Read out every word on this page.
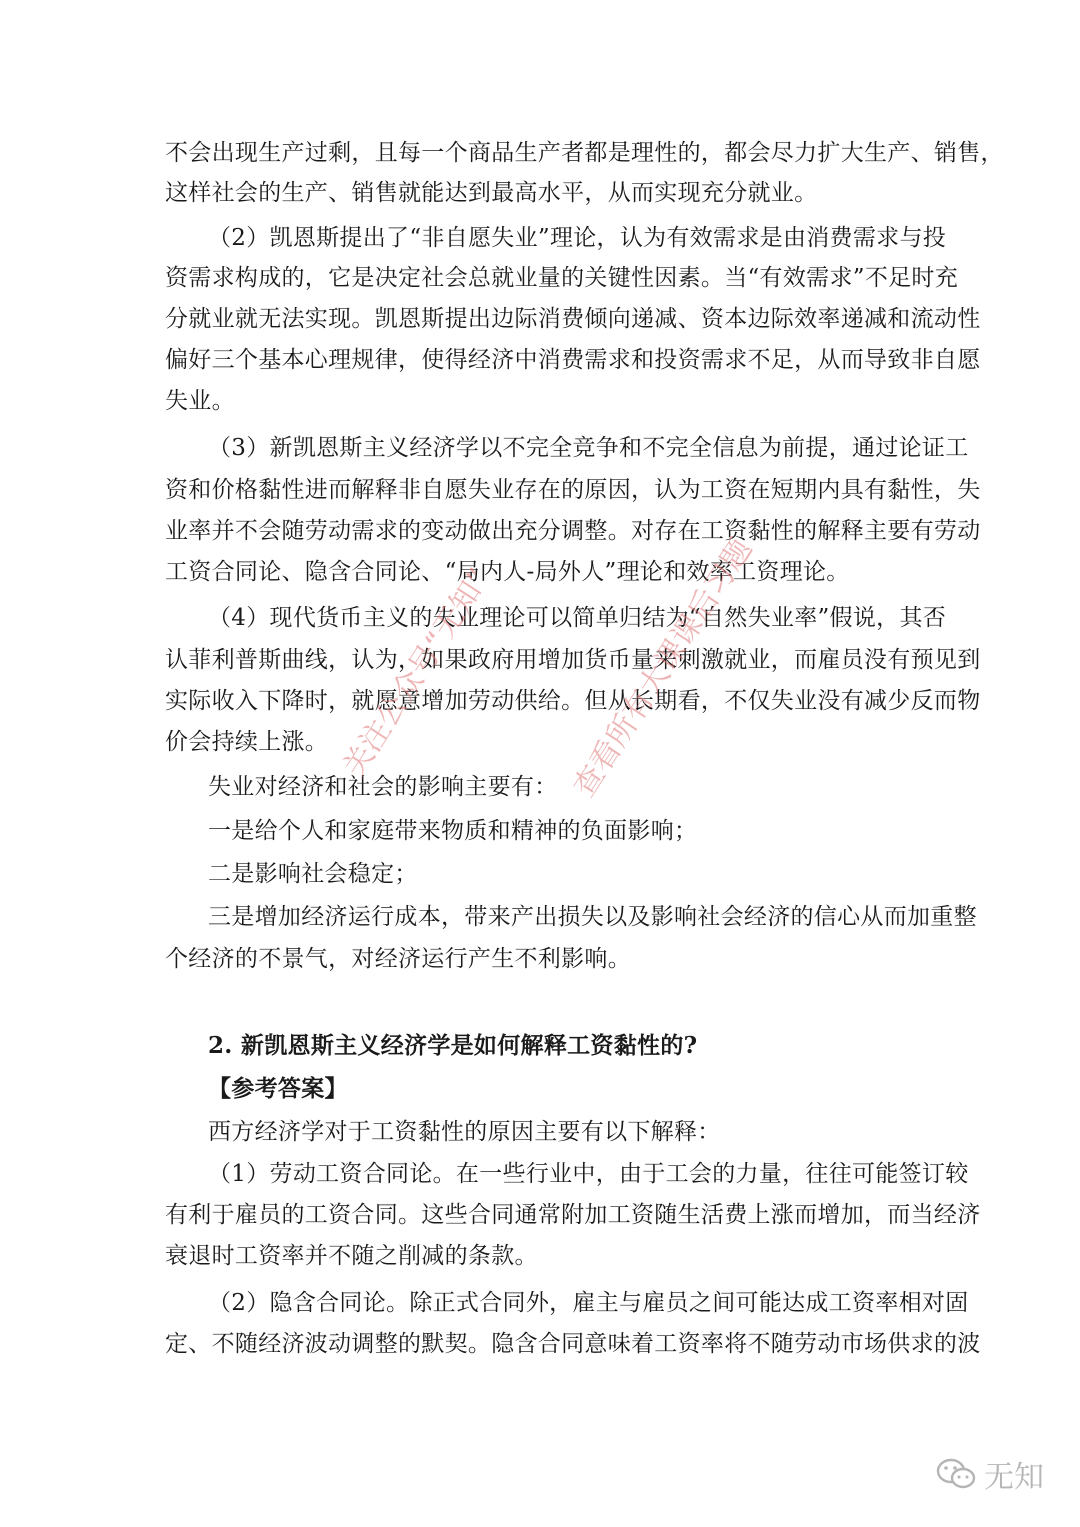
不会出现生产过剩，且每一个商品生产者都是理性的，都会尽力扩大生产、销售，
这样社会的生产、销售就能达到最高水平，从而实现充分就业。
（2）凯恩斯提出了“非自愿失业”理论，认为有效需求是由消费需求与投
资需求构成的，它是决定社会总就业量的关键性因素。当“有效需求”不足时充
分就业就无法实现。凯恩斯提出边际消费倾向递减、资本边际效率递减和流动性
偏好三个基本心理规律，使得经济中消费需求和投资需求不足，从而导致非自愿
失业。
（3）新凯恩斯主义经济学以不完全竞争和不完全信息为前提，通过论证工
资和价格黏性进而解释非自愿失业存在的原因，认为工资在短期内具有黏性，失
业率并不会随劳动需求的变动做出充分调整。对存在工资黏性的解释主要有劳动
工资合同论、隐含合同论、“局内人-局外人”理论和效率工资理论。
（4）现代货币主义的失业理论可以简单归结为“自然失业率”假说，其否
认菲利普斯曲线，认为，如果政府用增加货币量来刺激就业，而雇员没有预见到
实际收入下降时，就愿意增加劳动供给。但从长期看，不仅失业没有减少反而物
价会持续上涨。
失业对经济和社会的影响主要有：
一是给个人和家庭带来物质和精神的负面影响；
二是影响社会稳定；
三是增加经济运行成本，带来产出损失以及影响社会经济的信心从而加重整
个经济的不景气，对经济运行产生不利影响。
2. 新凯恩斯主义经济学是如何解释工资黏性的?
【参考答案】
西方经济学对于工资黏性的原因主要有以下解释：
（1）劳动工资合同论。在一些行业中，由于工会的力量，往往可能签订较
有利于雇员的工资合同。这些合同通常附加工资随生活费上涨而增加，而当经济
衰退时工资率并不随之削减的条款。
（2）隐含合同论。除正式合同外，雇主与雇员之间可能达成工资率相对固
定、不随经济波动调整的默契。隐含合同意味着工资率将不随劳动市场供求的波
关注公众号“无知” 查看所有大课课后习题
无知
